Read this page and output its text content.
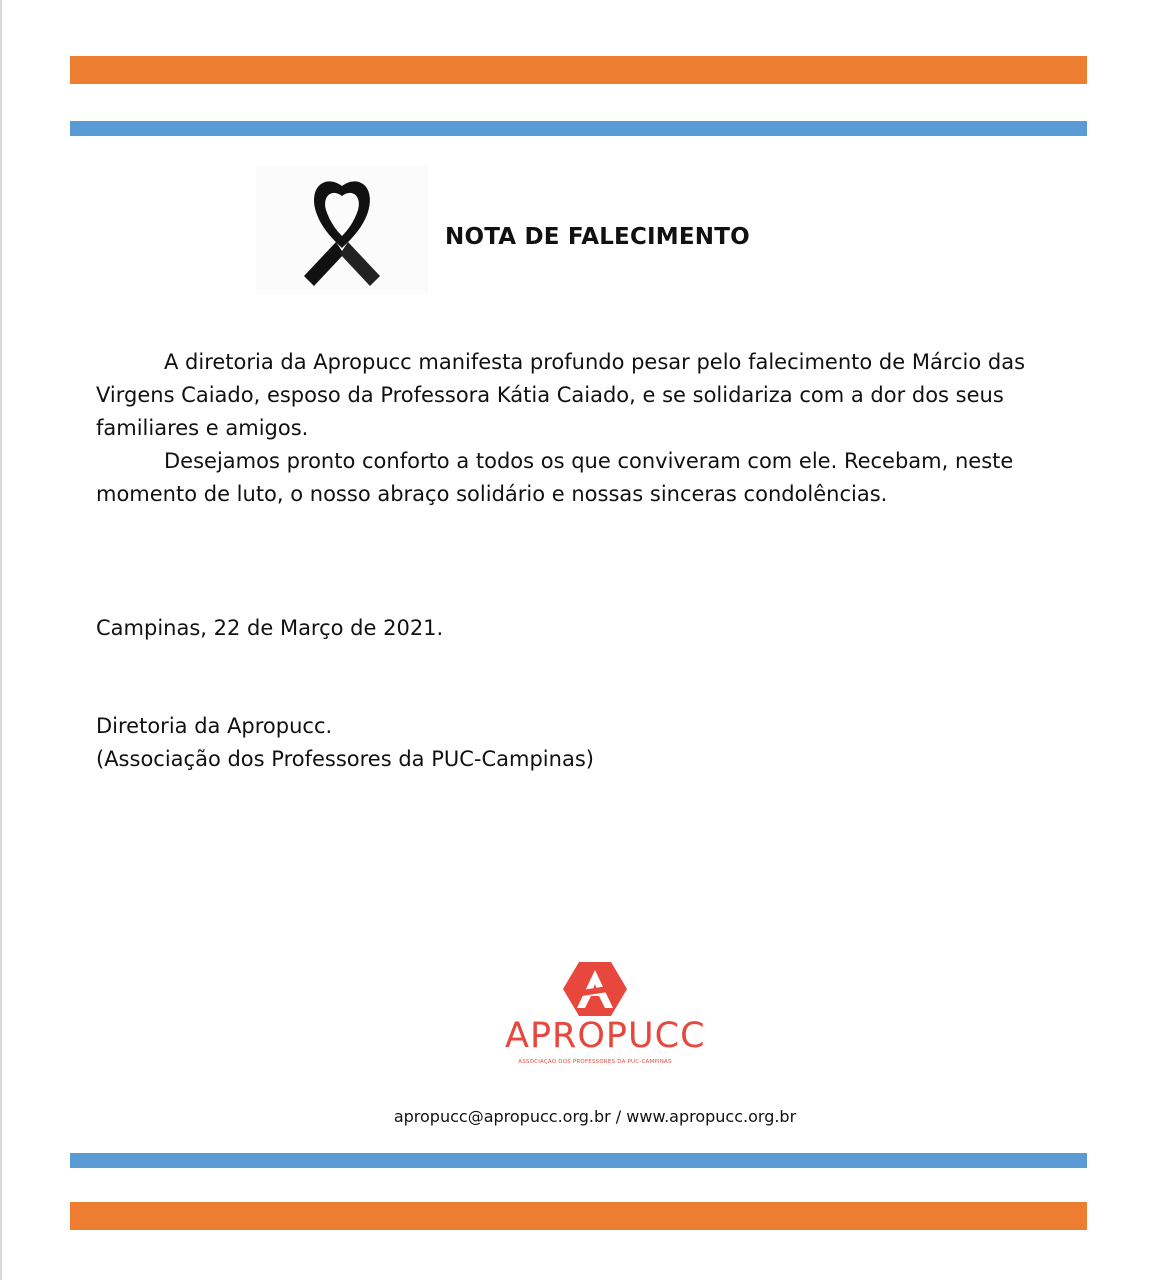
NOTA DE FALECIMENTO

A diretoria da Apropucc manifesta profundo pesar pelo falecimento de Márcio das Virgens Caiado, esposo da Professora Kátia Caiado, e se solidariza com a dor dos seus familiares e amigos.

Desejamos pronto conforto a todos os que conviveram com ele. Recebam, neste momento de luto, o nosso abraço solidário e nossas sinceras condolências.

Campinas, 22 de Março de 2021.
Diretoria da Apropucc.
(Associação dos Professores da PUC-Campinas)
APROPUCC
ASSOCIAÇÃO DOS PROFESSORES DA PUC-CAMPINAS
apropucc@apropucc.org.br / www.apropucc.org.br
